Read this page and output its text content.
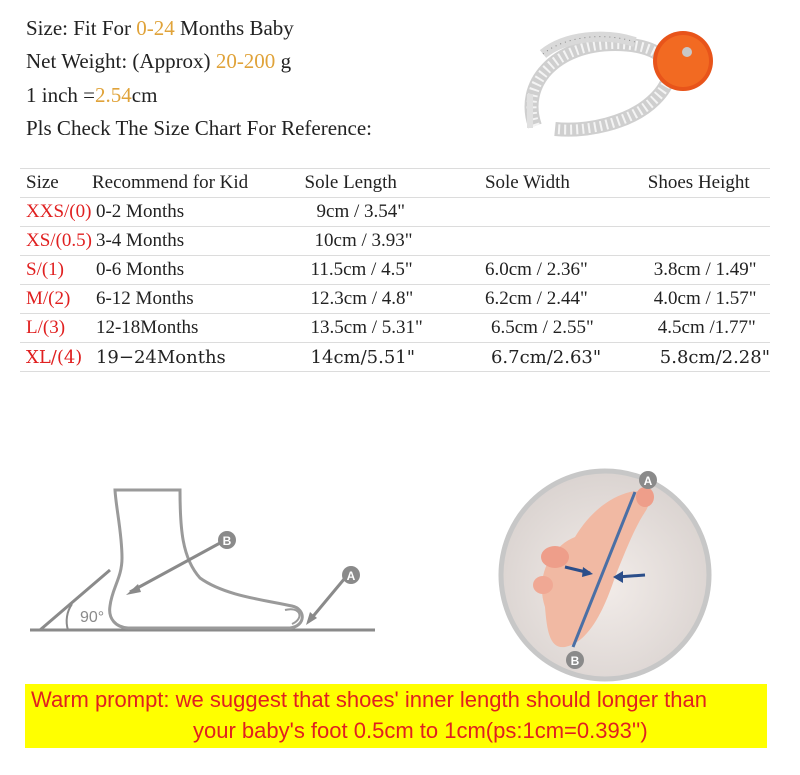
Size: Fit For 0-24 Months Baby
Net Weight: (Approx) 20-200 g
1 inch =2.54cm
Pls Check The Size Chart For Reference:
Size	Recommend for Kid	Sole Length	Sole Width	Shoes Height
XXS/(0)	0-2 Months	9cm / 3.54"		
XS/(0.5)	3-4 Months	10cm / 3.93"		
S/(1)	0-6 Months	11.5cm / 4.5"	6.0cm / 2.36"	3.8cm / 1.49"
M/(2)	6-12 Months	12.3cm / 4.8"	6.2cm / 2.44"	4.0cm / 1.57"
L/(3)	12-18Months	13.5cm / 5.31"	6.5cm / 2.55"	4.5cm /1.77"
XL/(4)	19−24Months	14cm/5.51"	6.7cm/2.63"	5.8cm/2.28"
B
A
90°
A
B
Warm prompt: we suggest that shoes' inner length should longer than
your baby's foot 0.5cm to 1cm(ps:1cm=0.393'')
